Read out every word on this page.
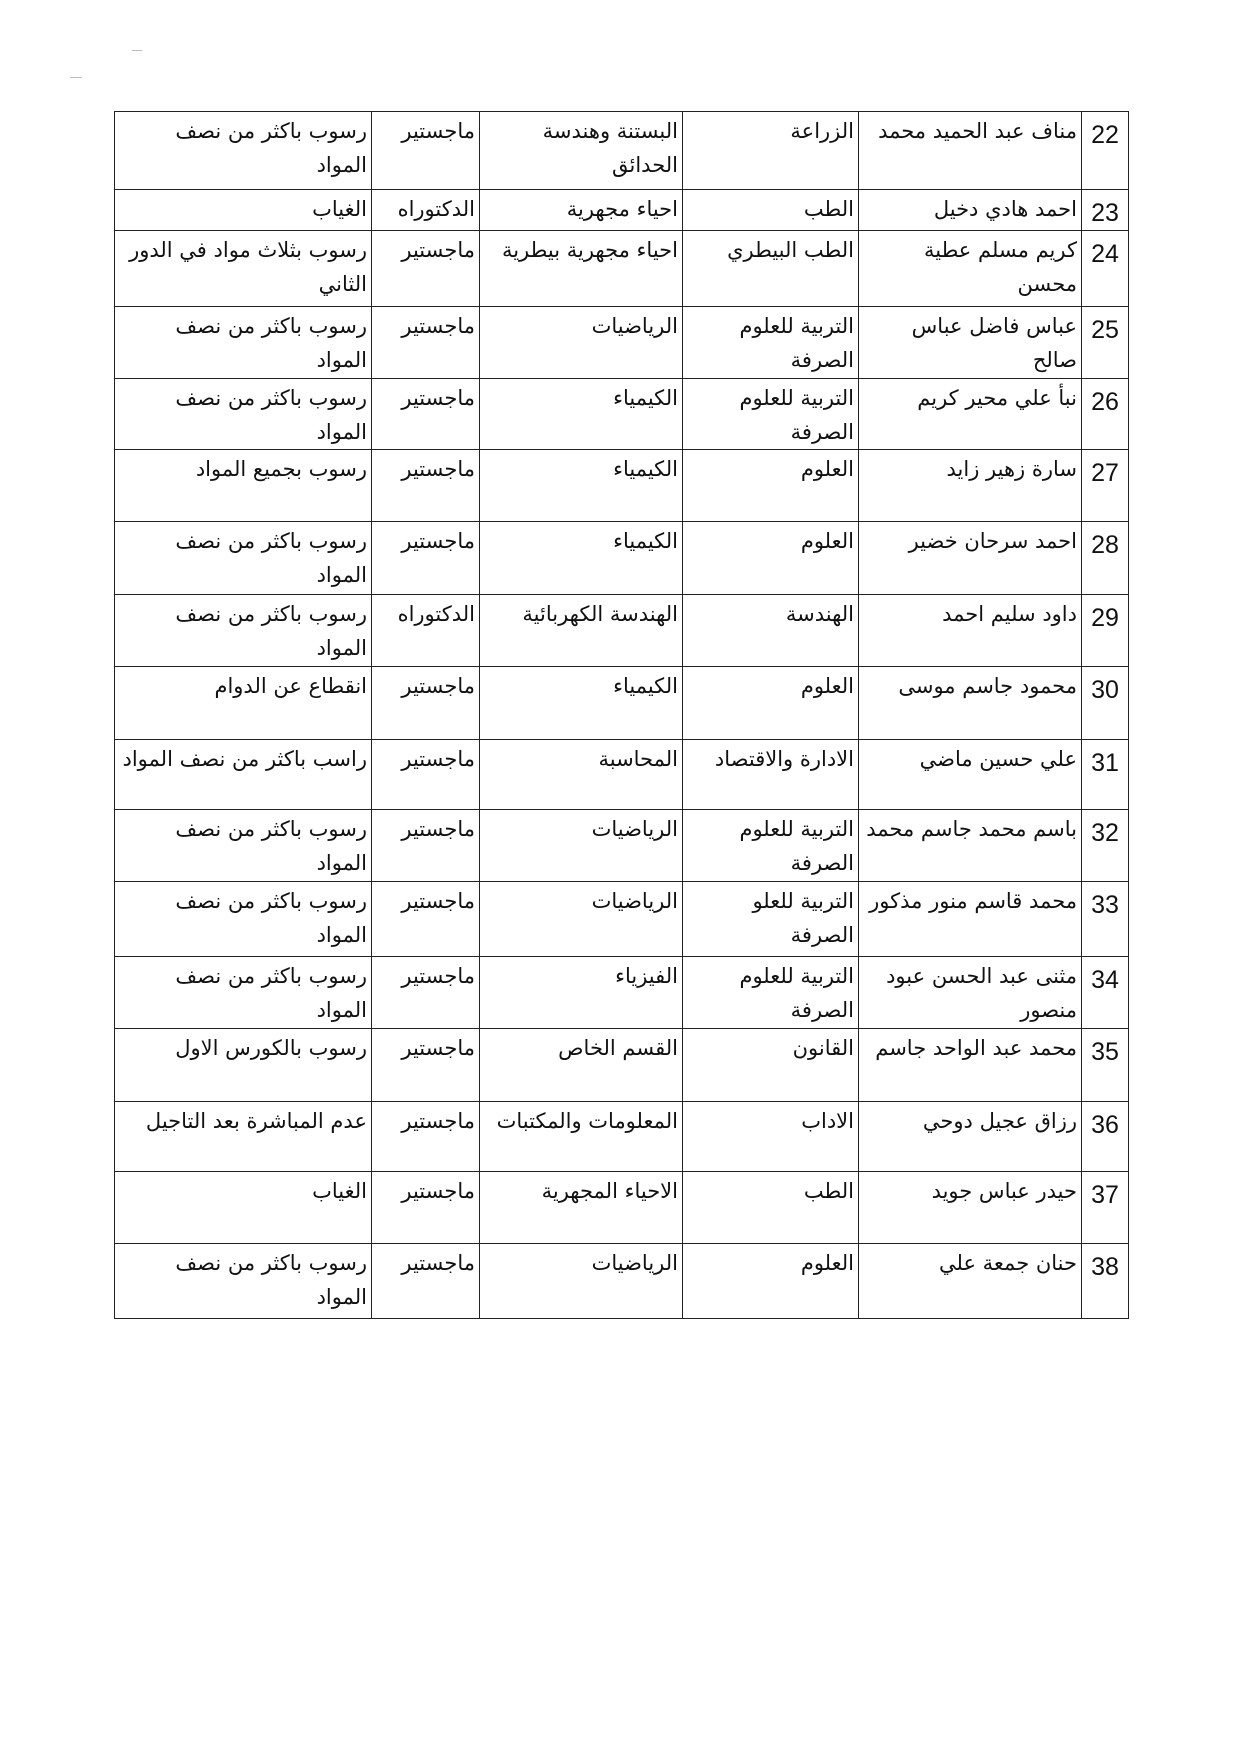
22	مناف عبد الحميد محمد	الزراعة	البستنة وهندسة الحدائق	ماجستير	رسوب باكثر من نصف المواد
23	احمد هادي دخيل	الطب	احياء مجهرية	الدكتوراه	الغياب
24	كريم مسلم عطية محسن	الطب البيطري	احياء مجهرية بيطرية	ماجستير	رسوب بثلاث مواد في الدور الثاني
25	عباس فاضل عباس صالح	التربية للعلوم الصرفة	الرياضيات	ماجستير	رسوب باكثر من نصف المواد
26	نبأ علي محير كريم	التربية للعلوم الصرفة	الكيمياء	ماجستير	رسوب باكثر من نصف المواد
27	سارة زهير زايد	العلوم	الكيمياء	ماجستير	رسوب بجميع المواد
28	احمد سرحان خضير	العلوم	الكيمياء	ماجستير	رسوب باكثر من نصف المواد
29	داود سليم احمد	الهندسة	الهندسة الكهربائية	الدكتوراه	رسوب باكثر من نصف المواد
30	محمود جاسم موسى	العلوم	الكيمياء	ماجستير	انقطاع عن الدوام
31	علي حسين ماضي	الادارة والاقتصاد	المحاسبة	ماجستير	راسب باكثر من نصف المواد
32	باسم محمد جاسم محمد	التربية للعلوم الصرفة	الرياضيات	ماجستير	رسوب باكثر من نصف المواد
33	محمد قاسم منور مذكور	التربية للعلو الصرفة	الرياضيات	ماجستير	رسوب باكثر من نصف المواد
34	مثنى عبد الحسن عبود منصور	التربية للعلوم الصرفة	الفيزياء	ماجستير	رسوب باكثر من نصف المواد
35	محمد عبد الواحد جاسم	القانون	القسم الخاص	ماجستير	رسوب بالكورس الاول
36	رزاق عجيل دوحي	الاداب	المعلومات والمكتبات	ماجستير	عدم المباشرة بعد التاجيل
37	حيدر عباس جويد	الطب	الاحياء المجهرية	ماجستير	الغياب
38	حنان جمعة علي	العلوم	الرياضيات	ماجستير	رسوب باكثر من نصف المواد
